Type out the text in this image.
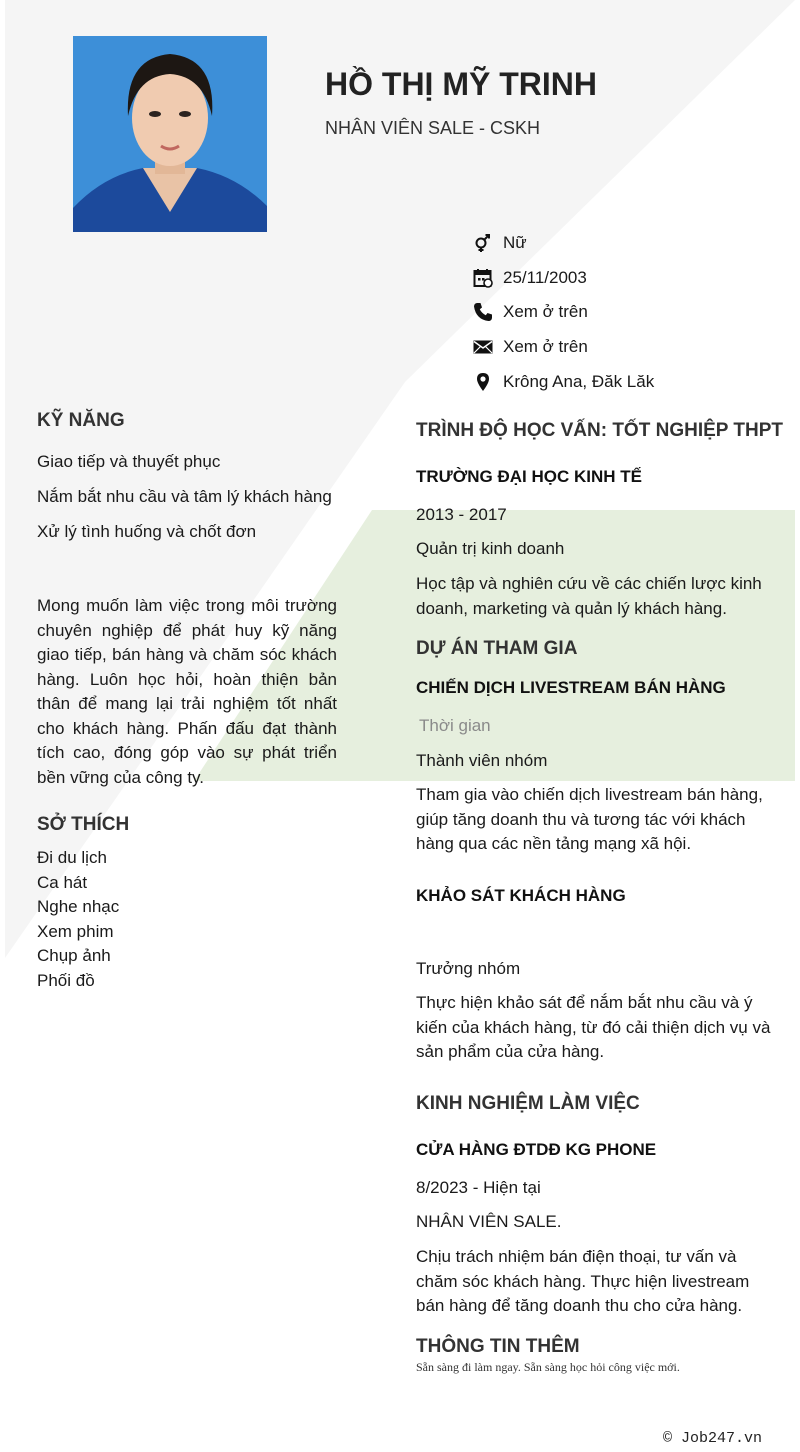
HỒ THỊ MỸ TRINH
NHÂN VIÊN SALE - CSKH
Nữ
25/11/2003
Xem ở trên
Xem ở trên
Krông Ana, Đăk Lăk
KỸ NĂNG
Giao tiếp và thuyết phục
Nắm bắt nhu cầu và tâm lý khách hàng
Xử lý tình huống và chốt đơn
Mong muốn làm việc trong môi trường chuyên nghiệp để phát huy kỹ năng giao tiếp, bán hàng và chăm sóc khách hàng. Luôn học hỏi, hoàn thiện bản thân để mang lại trải nghiệm tốt nhất cho khách hàng. Phấn đấu đạt thành tích cao, đóng góp vào sự phát triển bền vững của công ty.
SỞ THÍCH
Đi du lịch
Ca hát
Nghe nhạc
Xem phim
Chụp ảnh
Phối đồ
TRÌNH ĐỘ HỌC VẤN: TỐT NGHIỆP THPT
TRƯỜNG ĐẠI HỌC KINH TẾ
2013 - 2017
Quản trị kinh doanh
Học tập và nghiên cứu về các chiến lược kinh doanh, marketing và quản lý khách hàng.
DỰ ÁN THAM GIA
CHIẾN DỊCH LIVESTREAM BÁN HÀNG
Thời gian
Thành viên nhóm
Tham gia vào chiến dịch livestream bán hàng, giúp tăng doanh thu và tương tác với khách hàng qua các nền tảng mạng xã hội.
KHẢO SÁT KHÁCH HÀNG
Trưởng nhóm
Thực hiện khảo sát để nắm bắt nhu cầu và ý kiến của khách hàng, từ đó cải thiện dịch vụ và sản phẩm của cửa hàng.
KINH NGHIỆM LÀM VIỆC
CỬA HÀNG ĐTDĐ KG PHONE
8/2023 - Hiện tại
NHÂN VIÊN SALE.
Chịu trách nhiệm bán điện thoại, tư vấn và chăm sóc khách hàng. Thực hiện livestream bán hàng để tăng doanh thu cho cửa hàng.
THÔNG TIN THÊM
Sẵn sàng đi làm ngay. Sẵn sàng học hỏi công việc mới.
© Job247.vn
